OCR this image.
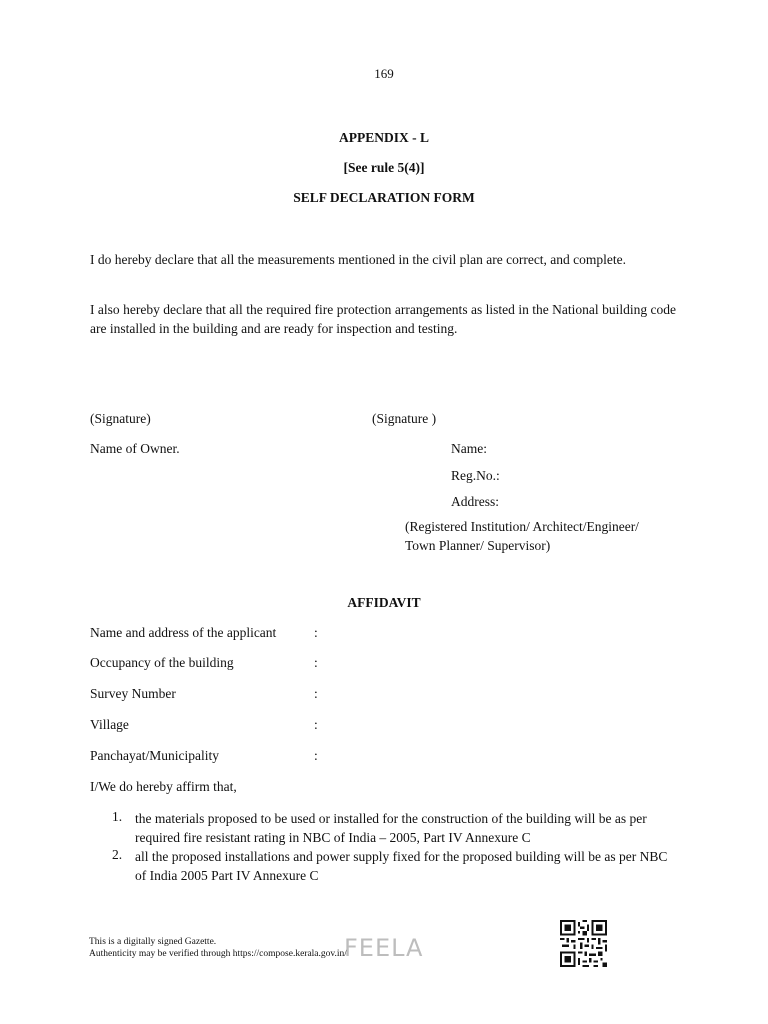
169
APPENDIX - L
[See rule 5(4)]
SELF DECLARATION FORM
I do hereby declare that all the measurements mentioned in the civil plan are correct, and complete.
I also hereby declare that all the required fire protection arrangements as listed in the National building code are installed in the building and are ready for inspection and testing.
(Signature)	(Signature )
Name of Owner.	Name:
Reg.No.:
Address:
(Registered Institution/ Architect/Engineer/
Town Planner/ Supervisor)
AFFIDAVIT
Name and address of the applicant	:
Occupancy of the building	:
Survey Number	:
Village	:
Panchayat/Municipality	:
I/We do hereby affirm that,
1. the materials proposed to be used or installed for the construction of the building will be as per required fire resistant rating in NBC of India – 2005, Part IV Annexure C
2. all the proposed installations and power supply fixed for the proposed building will be as per NBC of India 2005 Part IV Annexure C
This is a digitally signed Gazette.
Authenticity may be verified through https://compose.kerala.gov.in/
FEELA
